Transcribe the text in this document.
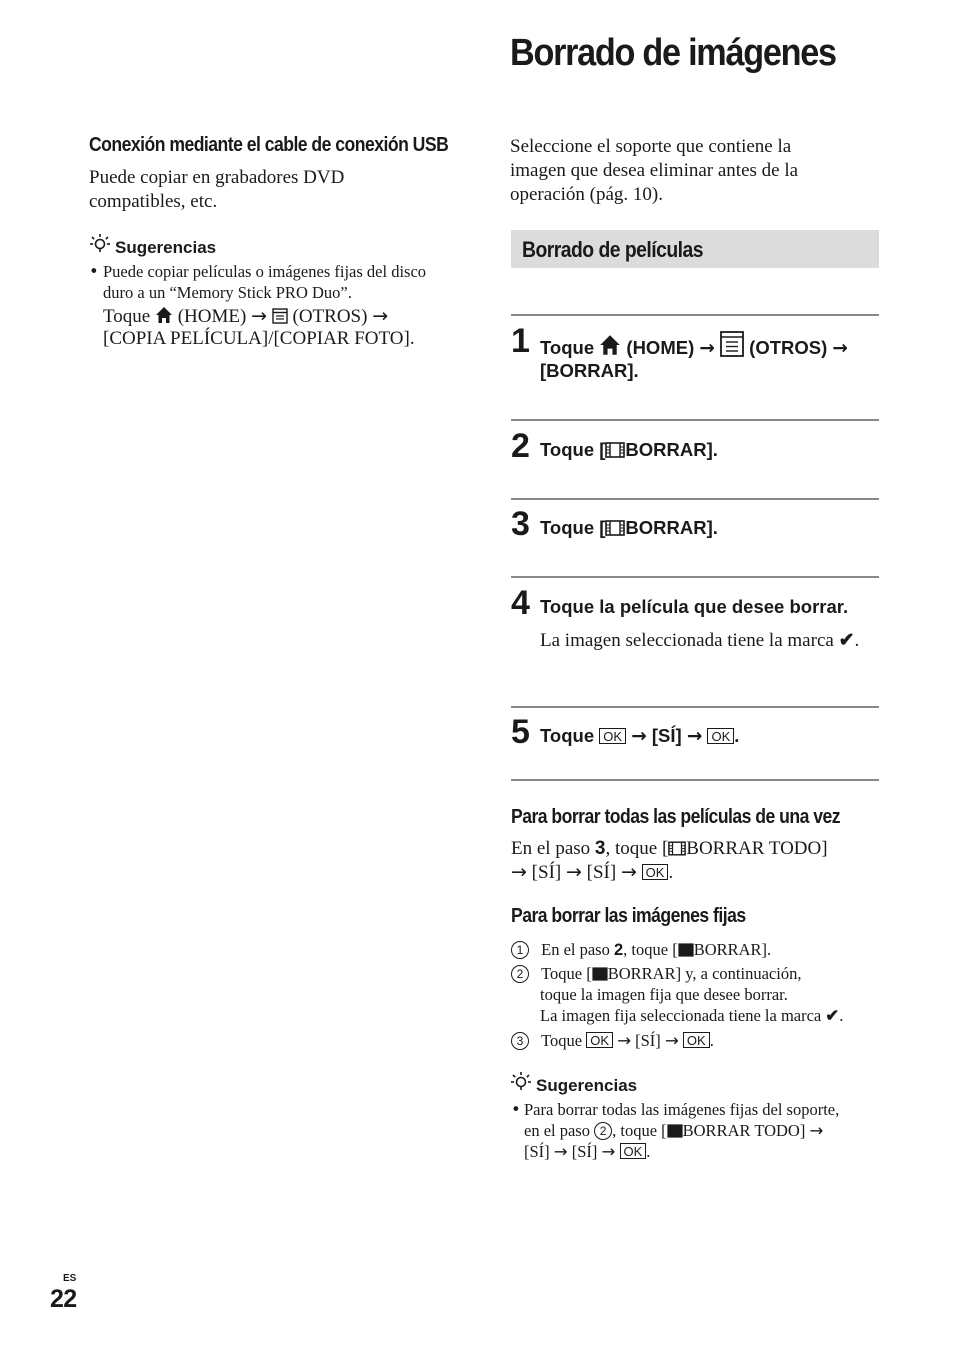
Borrado de imágenes
Conexión mediante el cable de conexión USB
Puede copiar en grabadores DVD compatibles, etc.
Sugerencias
• Puede copiar películas o imágenes fijas del disco
duro a un “Memory Stick PRO Duo”.
Toque (HOME) → (OTROS) →
[COPIA PELÍCULA]/[COPIAR FOTO].
Seleccione el soporte que contiene la imagen que desea eliminar antes de la operación (pág. 10).
Borrado de películas
1 Toque (HOME) → (OTROS) →
[BORRAR].
2 Toque [ BORRAR].
3 Toque [ BORRAR].
4 Toque la película que desee borrar.
La imagen seleccionada tiene la marca ✔.
5 Toque OK → [SÍ] → OK .
Para borrar todas las películas de una vez
En el paso 3, toque [ BORRAR TODO]
→ [SÍ] → [SÍ] → OK .
Para borrar las imágenes fijas
1 En el paso 2, toque [ BORRAR].
2 Toque [ BORRAR] y, a continuación,
toque la imagen fija que desee borrar.
La imagen fija seleccionada tiene la marca ✔.
3 Toque OK → [SÍ] → OK .
Sugerencias
• Para borrar todas las imágenes fijas del soporte,
en el paso 2 , toque [ BORRAR TODO] →
[SÍ] → [SÍ] → OK .
ES
22
